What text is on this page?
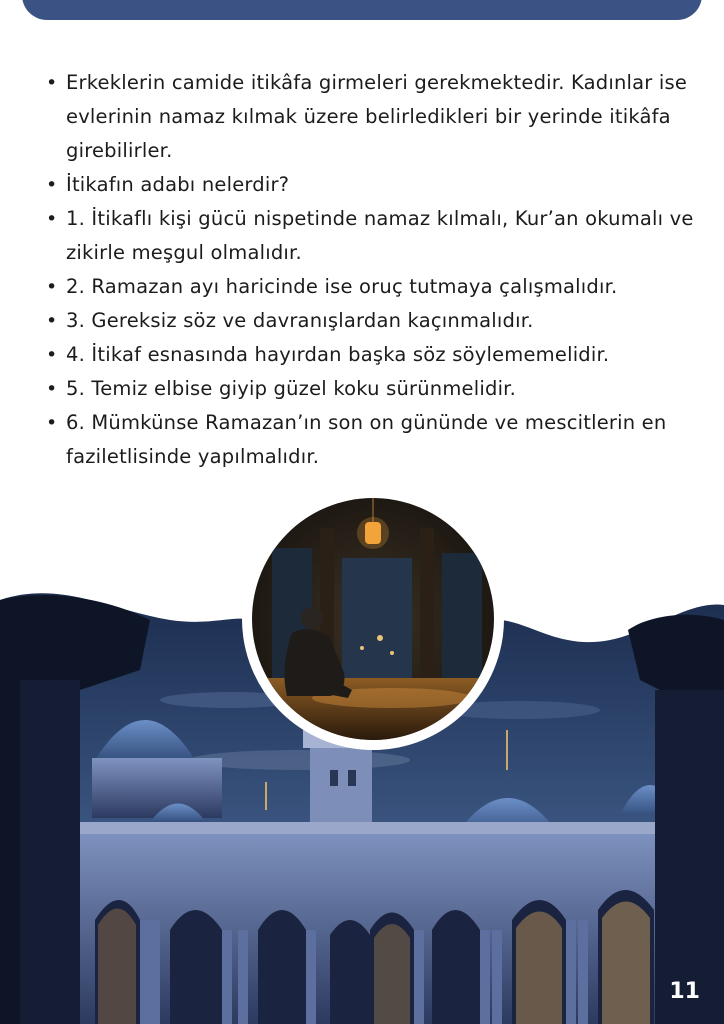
• Erkeklerin camide itikâfa girmeleri gerekmektedir. Kadınlar ise evlerinin namaz kılmak üzere belirledikleri bir yerinde itikâfa girebilirler.
• İtikafın adabı nelerdir?
• 1. İtikaflı kişi gücü nispetinde namaz kılmalı, Kur’an okumalı ve zikirle meşgul olmalıdır.
• 2. Ramazan ayı haricinde ise oruç tutmaya çalışmalıdır.
• 3. Gereksiz söz ve davranışlardan kaçınmalıdır.
• 4. İtikaf esnasında hayırdan başka söz söylememelidir.
• 5. Temiz elbise giyip güzel koku sürünmelidir.
• 6. Mümkünse Ramazan’ın son on gününde ve mescitlerin en faziletlisinde yapılmalıdır.
11
